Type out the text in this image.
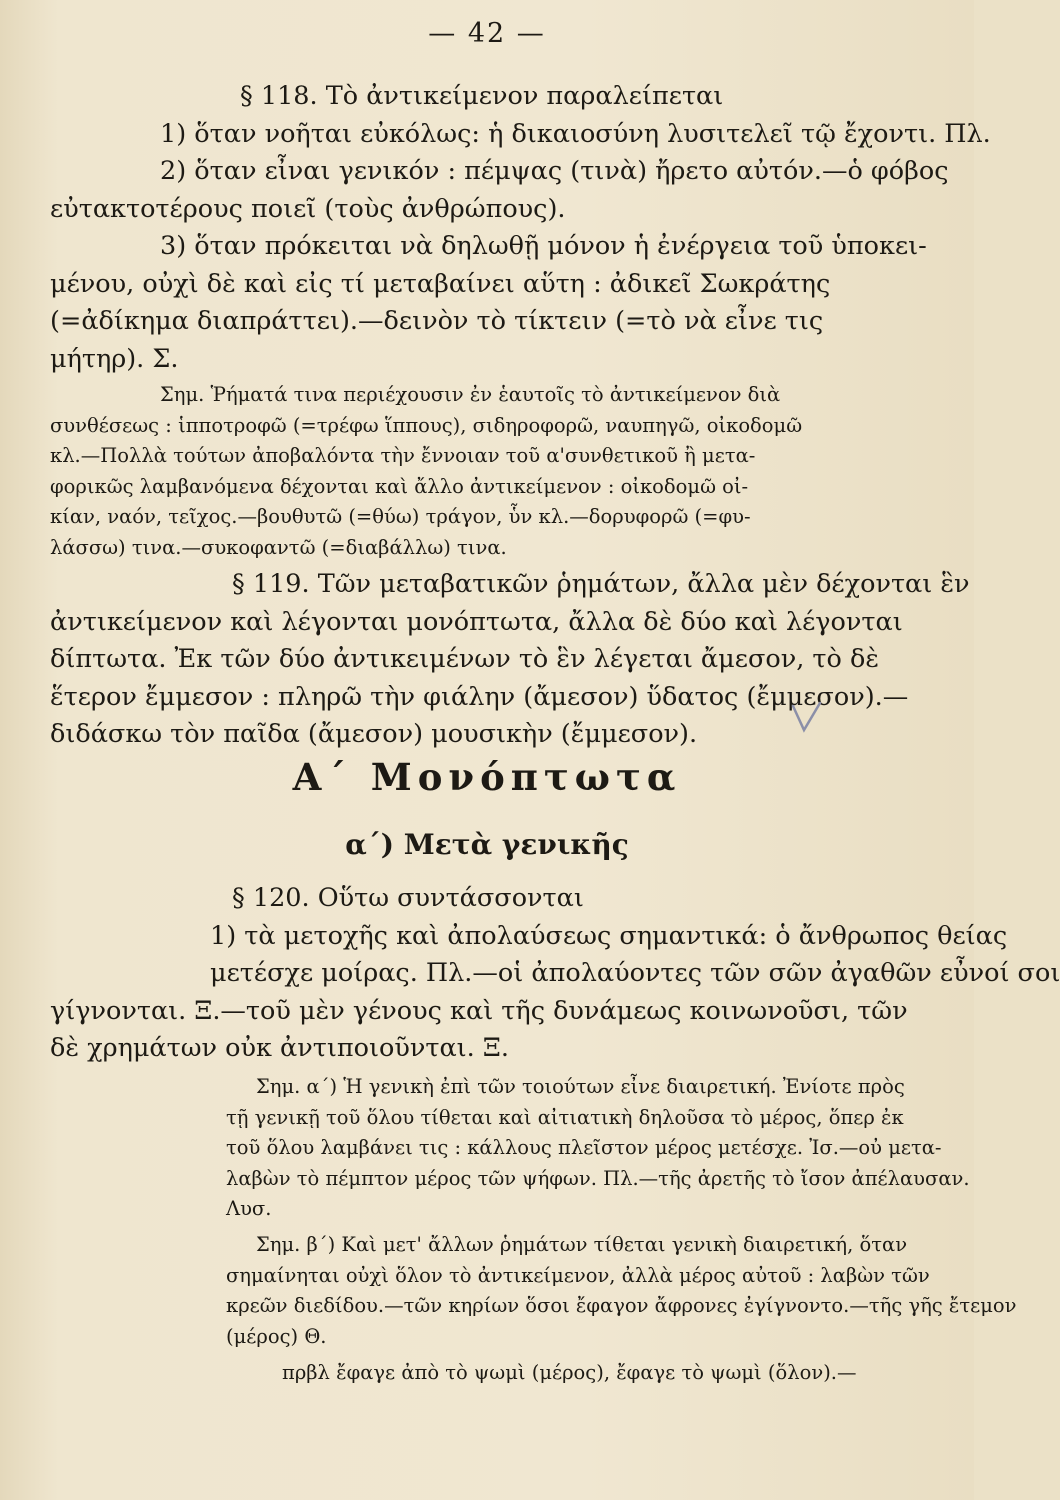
— 42 —
§ 118. Τὸ ἀντικείμενον παραλείπεται
1) ὅταν νοῆται εὐκόλως: ἡ δικαιοσύνη λυσιτελεῖ τῷ ἔχοντι. Πλ.
2) ὅταν εἶναι γενικόν : πέμψας (τινὰ) ἤρετο αὐτόν.—ὁ φόβος
εὐτακτοτέρους ποιεῖ (τοὺς ἀνθρώπους).
3) ὅταν πρόκειται νὰ δηλωθῇ μόνον ἡ ἐνέργεια τοῦ ὑποκει-
μένου, οὐχὶ δὲ καὶ εἰς τί μεταβαίνει αὕτη : ἀδικεῖ Σωκράτης
(=ἀδίκημα διαπράττει).—δεινὸν τὸ τίκτειν (=τὸ νὰ εἶνε τις
μήτηρ). Σ.
Σημ. Ῥήματά τινα περιέχουσιν ἐν ἑαυτοῖς τὸ ἀντικείμενον διὰ
συνθέσεως : ἱπποτροφῶ (=τρέφω ἵππους), σιδηροφορῶ, ναυπηγῶ, οἰκοδομῶ
κλ.—Πολλὰ τούτων ἀποβαλόντα τὴν ἔννοιαν τοῦ α'συνθετικοῦ ἢ μετα-
φορικῶς λαμβανόμενα δέχονται καὶ ἄλλο ἀντικείμενον : οἰκοδομῶ οἰ-
κίαν, ναόν, τεῖχος.—βουθυτῶ (=θύω) τράγον, ὗν κλ.—δορυφορῶ (=φυ-
λάσσω) τινα.—συκοφαντῶ (=διαβάλλω) τινα.
§ 119. Τῶν μεταβατικῶν ῥημάτων, ἄλλα μὲν δέχονται ἓν
ἀντικείμενον καὶ λέγονται μονόπτωτα, ἄλλα δὲ δύο καὶ λέγονται
δίπτωτα. Ἐκ τῶν δύο ἀντικειμένων τὸ ἓν λέγεται ἄμεσον, τὸ δὲ
ἕτερον ἔμμεσον : πληρῶ τὴν φιάλην (ἄμεσον) ὕδατος (ἔμμεσον).—
διδάσκω τὸν παῖδα (ἄμεσον) μουσικὴν (ἔμμεσον).
Α΄ Μονόπτωτα
α΄) Μετὰ γενικῆς
§ 120. Οὕτω συντάσσονται
1) τὰ μετοχῆς καὶ ἀπολαύσεως σημαντικά: ὁ ἄνθρωπος θείας
μετέσχε μοίρας. Πλ.—οἱ ἀπολαύοντες τῶν σῶν ἀγαθῶν εὖνοί σοι
γίγνονται. Ξ.—τοῦ μὲν γένους καὶ τῆς δυνάμεως κοινωνοῦσι, τῶν
δὲ χρημάτων οὐκ ἀντιποιοῦνται. Ξ.
Σημ. α΄) Ἡ γενικὴ ἐπὶ τῶν τοιούτων εἶνε διαιρετική. Ἐνίοτε πρὸς
τῇ γενικῇ τοῦ ὅλου τίθεται καὶ αἰτιατικὴ δηλοῦσα τὸ μέρος, ὅπερ ἐκ
τοῦ ὅλου λαμβάνει τις : κάλλους πλεῖστον μέρος μετέσχε. Ἰσ.—οὐ μετα-
λαβὼν τὸ πέμπτον μέρος τῶν ψήφων. Πλ.—τῆς ἀρετῆς τὸ ἴσον ἀπέλαυσαν.
Λυσ.
Σημ. β΄) Καὶ μετ' ἄλλων ῥημάτων τίθεται γενικὴ διαιρετική, ὅταν
σημαίνηται οὐχὶ ὅλον τὸ ἀντικείμενον, ἀλλὰ μέρος αὐτοῦ : λαβὼν τῶν
κρεῶν διεδίδου.—τῶν κηρίων ὅσοι ἔφαγον ἄφρονες ἐγίγνοντο.—τῆς γῆς ἔτεμον
(μέρος) Θ.
πρβλ ἔφαγε ἀπὸ τὸ ψωμὶ (μέρος), ἔφαγε τὸ ψωμὶ (ὅλον).—
